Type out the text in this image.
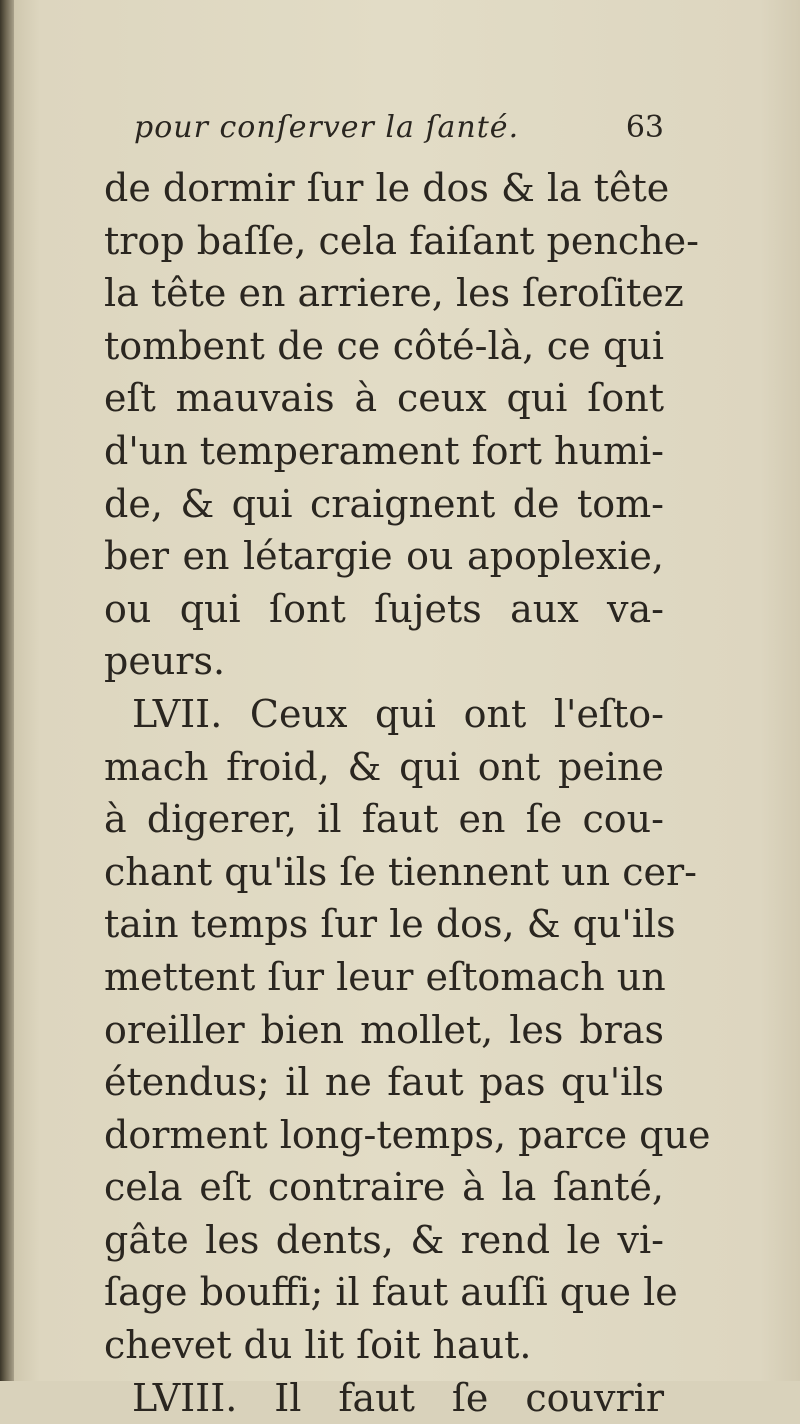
pour conſerver la ſanté.	63
de dormir ſur le dos & la tête
trop baſſe, cela faiſant penche-
la tête en arriere, les ſeroſitez
tombent de ce côté-là, ce qui
eſt mauvais à ceux qui ſont
d'un temperament fort humi-
de, & qui craignent de tom-
ber en létargie ou apoplexie,
ou qui ſont ſujets aux va-
peurs.
LVII. Ceux qui ont l'eſto-
mach froid, & qui ont peine
à digerer, il faut en ſe cou-
chant qu'ils ſe tiennent un cer-
tain temps ſur le dos, & qu'ils
mettent ſur leur eſtomach un
oreiller bien mollet, les bras
étendus; il ne faut pas qu'ils
dorment long-temps, parce que
cela eſt contraire à la ſanté,
gâte les dents, & rend le vi-
ſage bouffi; il faut auſſi que le
chevet du lit ſoit haut.
LVIII. Il faut ſe couvrir
